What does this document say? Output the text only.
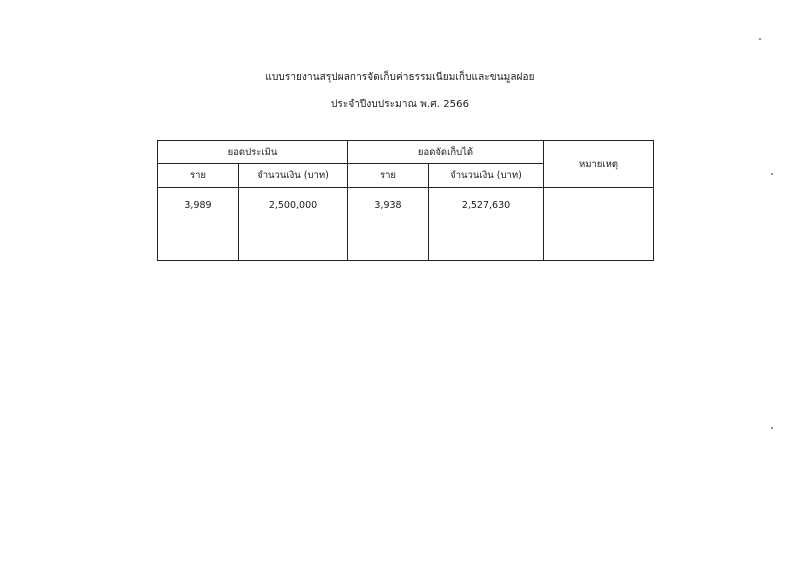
แบบรายงานสรุปผลการจัดเก็บค่าธรรมเนียมเก็บและขนมูลฝอย
ประจำปีงบประมาณ พ.ศ. 2566
ยอดประเมิน		ยอดจัดเก็บได้		หมายเหตุ
ราย	จำนวนเงิน (บาท)	ราย	จำนวนเงิน (บาท)	
3,989	2,500,000	3,938	2,527,630	
